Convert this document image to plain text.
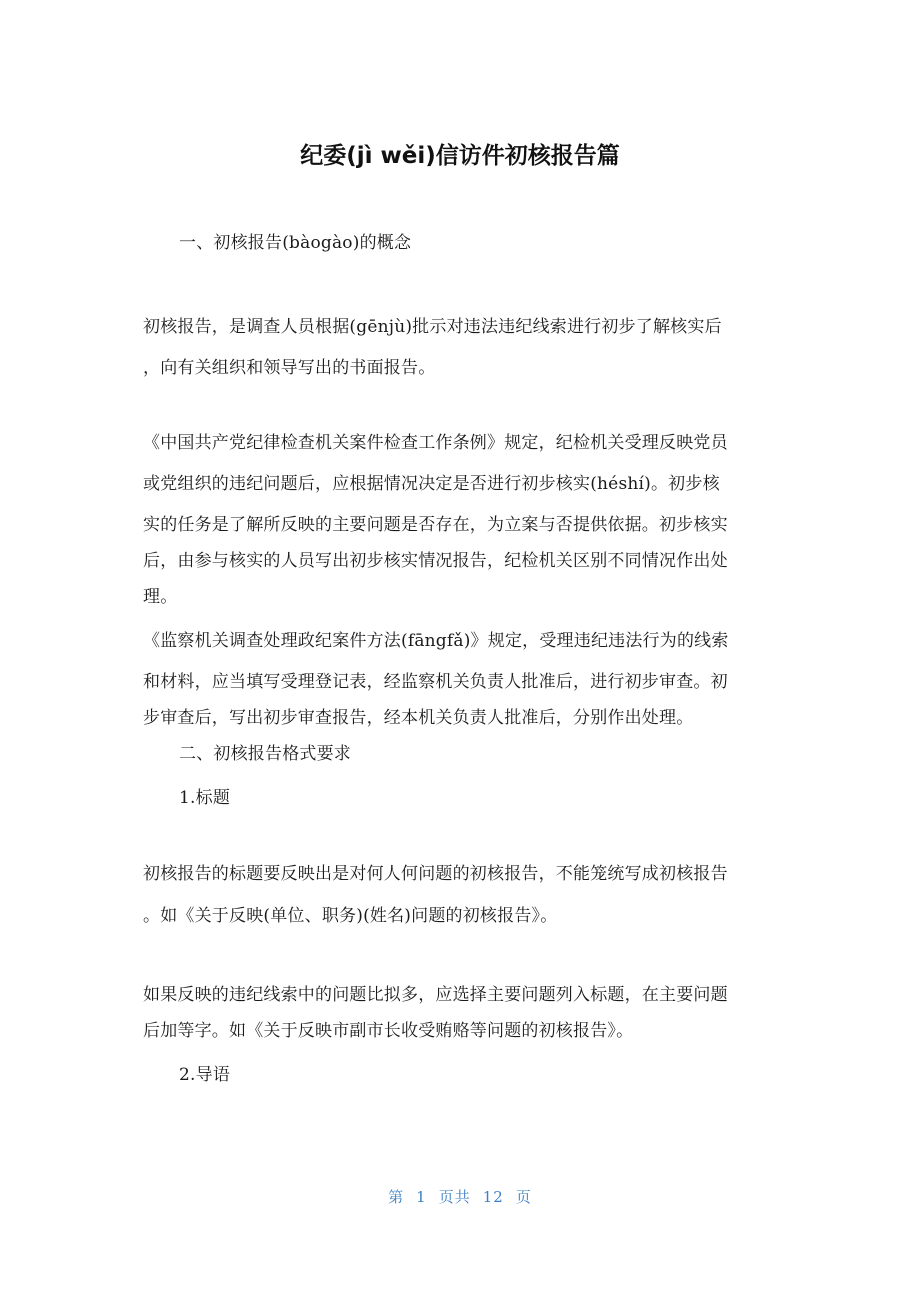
纪委(jì wěi)信访件初核报告篇
一、初核报告(bàogào)的概念
初核报告，是调查人员根据(gēnjù)批示对违法违纪线索进行初步了解核实后
，向有关组织和领导写出的书面报告。
《中国共产党纪律检查机关案件检查工作条例》规定，纪检机关受理反映党员
或党组织的违纪问题后，应根据情况决定是否进行初步核实(héshí)。初步核
实的任务是了解所反映的主要问题是否存在，为立案与否提供依据。初步核实
后，由参与核实的人员写出初步核实情况报告，纪检机关区别不同情况作出处
理。
《监察机关调查处理政纪案件方法(fāngfǎ)》规定，受理违纪违法行为的线索
和材料，应当填写受理登记表，经监察机关负责人批准后，进行初步审查。初
步审查后，写出初步审查报告，经本机关负责人批准后，分别作出处理。
二、初核报告格式要求
1.标题
初核报告的标题要反映出是对何人何问题的初核报告，不能笼统写成初核报告
。如《关于反映(单位、职务)(姓名)问题的初核报告》。
如果反映的违纪线索中的问题比拟多，应选择主要问题列入标题，在主要问题
后加等字。如《关于反映市副市长收受贿赂等问题的初核报告》。
2.导语
第 1 页共 12 页
